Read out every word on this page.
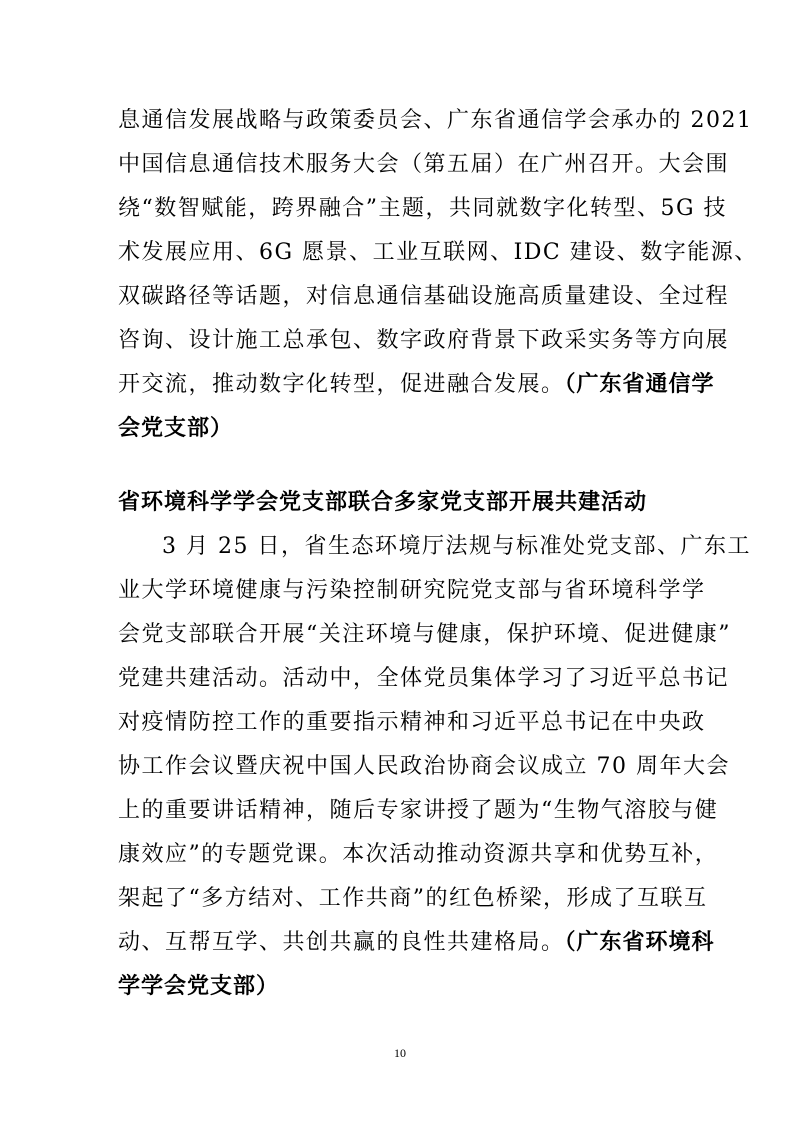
息通信发展战略与政策委员会、广东省通信学会承办的 2021
中国信息通信技术服务大会（第五届）在广州召开。大会围
绕“数智赋能，跨界融合”主题，共同就数字化转型、5G 技
术发展应用、6G 愿景、工业互联网、IDC 建设、数字能源、
双碳路径等话题，对信息通信基础设施高质量建设、全过程
咨询、设计施工总承包、数字政府背景下政采实务等方向展
开交流，推动数字化转型，促进融合发展。（广东省通信学
会党支部）
省环境科学学会党支部联合多家党支部开展共建活动
3 月 25 日，省生态环境厅法规与标准处党支部、广东工
业大学环境健康与污染控制研究院党支部与省环境科学学
会党支部联合开展“关注环境与健康，保护环境、促进健康”
党建共建活动。活动中，全体党员集体学习了习近平总书记
对疫情防控工作的重要指示精神和习近平总书记在中央政
协工作会议暨庆祝中国人民政治协商会议成立 70 周年大会
上的重要讲话精神，随后专家讲授了题为“生物气溶胶与健
康效应”的专题党课。本次活动推动资源共享和优势互补，
架起了“多方结对、工作共商”的红色桥梁，形成了互联互
动、互帮互学、共创共赢的良性共建格局。（广东省环境科
学学会党支部）
10
